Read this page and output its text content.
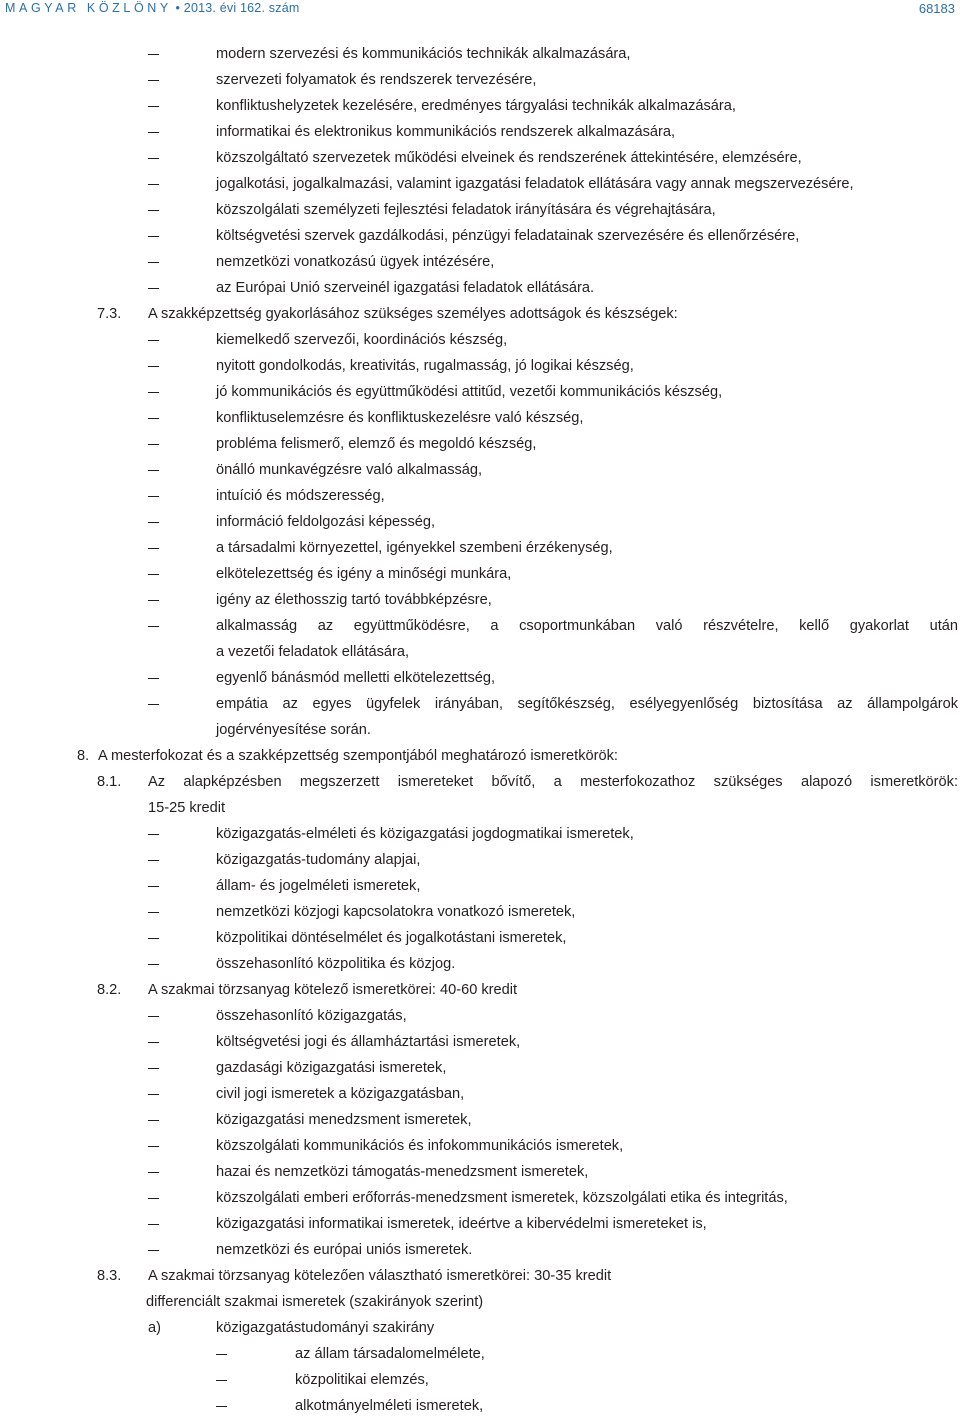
MAGYAR KÖZLÖNY • 2013. évi 162. szám	68183
modern szervezési és kommunikációs technikák alkalmazására,
szervezeti folyamatok és rendszerek tervezésére,
konfliktushelyzetek kezelésére, eredményes tárgyalási technikák alkalmazására,
informatikai és elektronikus kommunikációs rendszerek alkalmazására,
közszolgáltató szervezetek működési elveinek és rendszerének áttekintésére, elemzésére,
jogalkotási, jogalkalmazási, valamint igazgatási feladatok ellátására vagy annak megszervezésére,
közszolgálati személyzeti fejlesztési feladatok irányítására és végrehajtására,
költségvetési szervek gazdálkodási, pénzügyi feladatainak szervezésére és ellenőrzésére,
nemzetközi vonatkozású ügyek intézésére,
az Európai Unió szerveinél igazgatási feladatok ellátására.
7.3. A szakképzettség gyakorlásához szükséges személyes adottságok és készségek:
kiemelkedő szervezői, koordinációs készség,
nyitott gondolkodás, kreativitás, rugalmasság, jó logikai készség,
jó kommunikációs és együttműködési attitűd, vezetői kommunikációs készség,
konfliktuselemzésre és konfliktuskezelésre való készség,
probléma felismerő, elemző és megoldó készség,
önálló munkavégzésre való alkalmasság,
intuíció és módszeresség,
információ feldolgozási képesség,
a társadalmi környezettel, igényekkel szembeni érzékenység,
elkötelezettség és igény a minőségi munkára,
igény az élethosszig tartó továbbképzésre,
alkalmasság az együttműködésre, a csoportmunkában való részvételre, kellő gyakorlat után
a vezetői feladatok ellátására,
egyenlő bánásmód melletti elkötelezettség,
empátia az egyes ügyfelek irányában, segítőkészség, esélyegyenlőség biztosítása az állampolgárok
jogérvényesítése során.
8. A mesterfokozat és a szakképzettség szempontjából meghatározó ismeretkörök:
8.1. Az alapképzésben megszerzett ismereteket bővítő, a mesterfokozathoz szükséges alapozó ismeretkörök:
15-25 kredit
közigazgatás-elméleti és közigazgatási jogdogmatikai ismeretek,
közigazgatás-tudomány alapjai,
állam- és jogelméleti ismeretek,
nemzetközi közjogi kapcsolatokra vonatkozó ismeretek,
közpolitikai döntéselmélet és jogalkotástani ismeretek,
összehasonlító közpolitika és közjog.
8.2. A szakmai törzsanyag kötelező ismeretkörei: 40-60 kredit
összehasonlító közigazgatás,
költségvetési jogi és államháztartási ismeretek,
gazdasági közigazgatási ismeretek,
civil jogi ismeretek a közigazgatásban,
közigazgatási menedzsment ismeretek,
közszolgálati kommunikációs és infokommunikációs ismeretek,
hazai és nemzetközi támogatás-menedzsment ismeretek,
közszolgálati emberi erőforrás-menedzsment ismeretek, közszolgálati etika és integritás,
közigazgatási informatikai ismeretek, ideértve a kibervédelmi ismereteket is,
nemzetközi és európai uniós ismeretek.
8.3. A szakmai törzsanyag kötelezően választható ismeretkörei: 30-35 kredit
differenciált szakmai ismeretek (szakirányok szerint)
a)	közigazgatástudományi szakirány
az állam társadalomelmélete,
közpolitikai elemzés,
alkotmányelméleti ismeretek,
